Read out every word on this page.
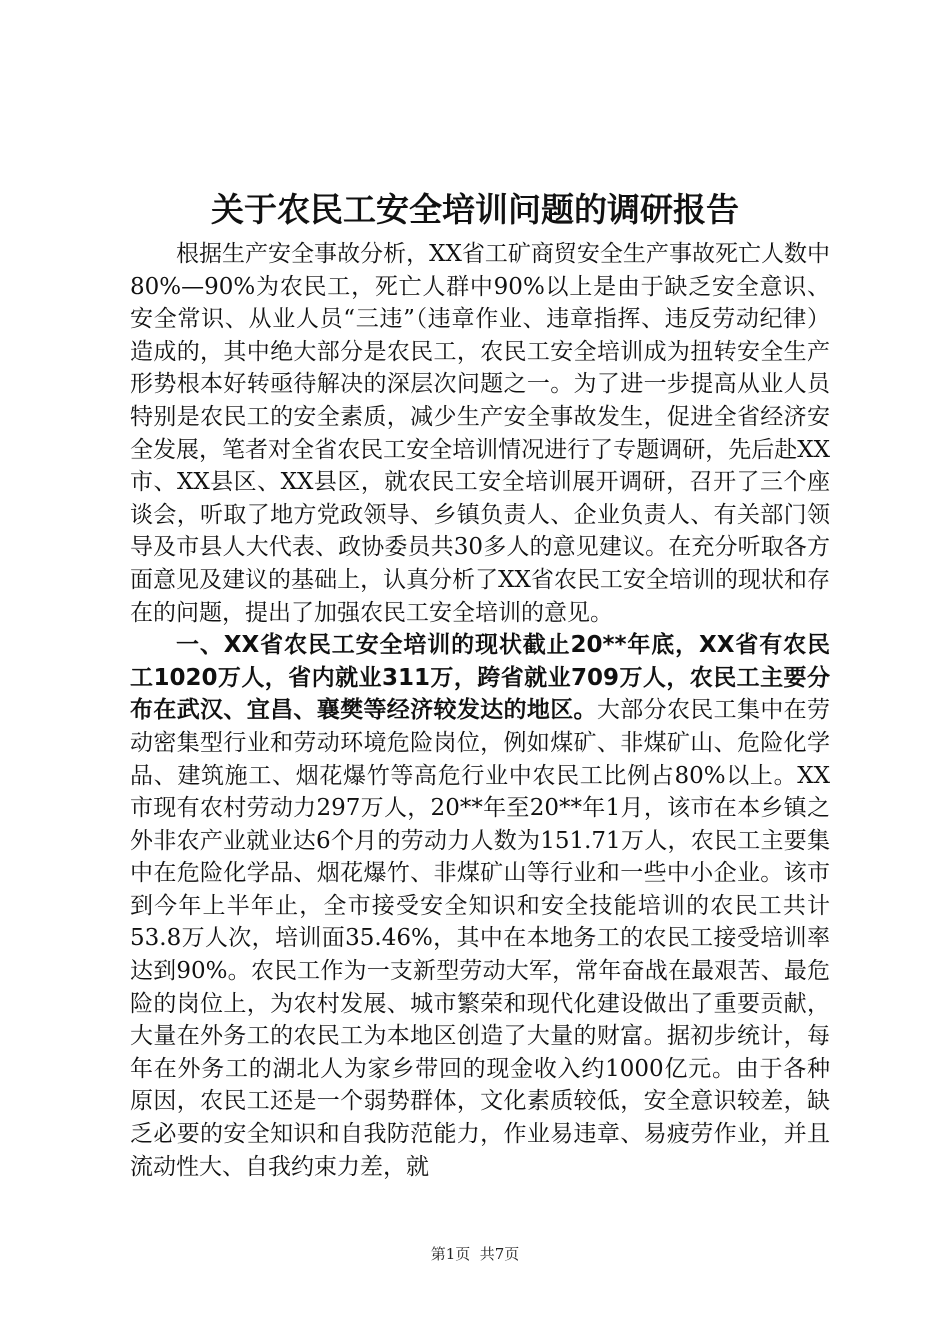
关于农民工安全培训问题的调研报告

根据生产安全事故分析，XX省工矿商贸安全生产事故死亡人数中80%—90%为农民工，死亡人群中90%以上是由于缺乏安全意识、安全常识、从业人员“三违”（违章作业、违章指挥、违反劳动纪律）造成的，其中绝大部分是农民工，农民工安全培训成为扭转安全生产形势根本好转亟待解决的深层次问题之一。为了进一步提高从业人员特别是农民工的安全素质，减少生产安全事故发生，促进全省经济安全发展，笔者对全省农民工安全培训情况进行了专题调研，先后赴XX市、XX县区、XX县区，就农民工安全培训展开调研，召开了三个座谈会，听取了地方党政领导、乡镇负责人、企业负责人、有关部门领导及市县人大代表、政协委员共30多人的意见建议。在充分听取各方面意见及建议的基础上，认真分析了XX省农民工安全培训的现状和存在的问题，提出了加强农民工安全培训的意见。

一、XX省农民工安全培训的现状截止20**年底，XX省有农民工1020万人，省内就业311万，跨省就业709万人，农民工主要分布在武汉、宜昌、襄樊等经济较发达的地区。大部分农民工集中在劳动密集型行业和劳动环境危险岗位，例如煤矿、非煤矿山、危险化学品、建筑施工、烟花爆竹等高危行业中农民工比例占80%以上。XX市现有农村劳动力297万人，20**年至20**年1月，该市在本乡镇之外非农产业就业达6个月的劳动力人数为151.71万人，农民工主要集中在危险化学品、烟花爆竹、非煤矿山等行业和一些中小企业。该市到今年上半年止，全市接受安全知识和安全技能培训的农民工共计53.8万人次，培训面35.46%，其中在本地务工的农民工接受培训率达到90%。农民工作为一支新型劳动大军，常年奋战在最艰苦、最危险的岗位上，为农村发展、城市繁荣和现代化建设做出了重要贡献，大量在外务工的农民工为本地区创造了大量的财富。据初步统计，每年在外务工的湖北人为家乡带回的现金收入约1000亿元。由于各种原因，农民工还是一个弱势群体，文化素质较低，安全意识较差，缺乏必要的安全知识和自我防范能力，作业易违章、易疲劳作业，并且流动性大、自我约束力差，就

第1页  共7页
